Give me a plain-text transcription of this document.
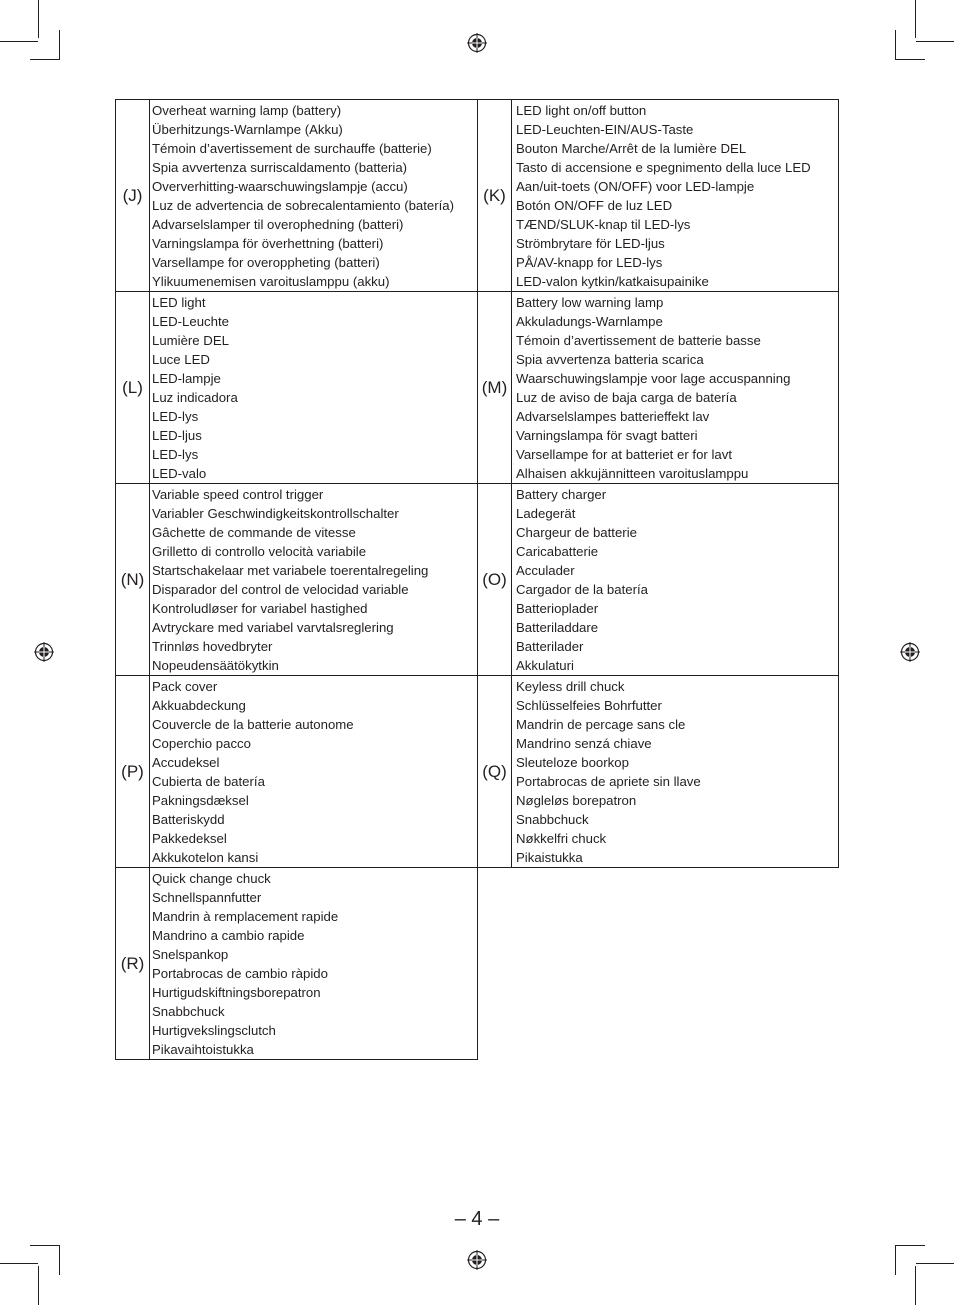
(J)
Overheat warning lamp (battery)
Überhitzungs-Warnlampe (Akku)
Témoin d’avertissement de surchauffe (batterie)
Spia avvertenza surriscaldamento (batteria)
Oververhitting-waarschuwingslampje (accu)
Luz de advertencia de sobrecalentamiento (batería)
Advarselslamper til overophedning (batteri)
Varningslampa för överhettning (batteri)
Varsellampe for overoppheting (batteri)
Ylikuumenemisen varoituslamppu (akku)
(K)
LED light on/off button
LED-Leuchten-EIN/AUS-Taste
Bouton Marche/Arrêt de la lumière DEL
Tasto di accensione e spegnimento della luce LED
Aan/uit-toets (ON/OFF) voor LED-lampje
Botón ON/OFF de luz LED
TÆND/SLUK-knap til LED-lys
Strömbrytare för LED-ljus
PÅ/AV-knapp for LED-lys
LED-valon kytkin/katkaisupainike
(L)
LED light
LED-Leuchte
Lumière DEL
Luce LED
LED-lampje
Luz indicadora
LED-lys
LED-ljus
LED-lys
LED-valo
(M)
Battery low warning lamp
Akkuladungs-Warnlampe
Témoin d’avertissement de batterie basse
Spia avvertenza batteria scarica
Waarschuwingslampje voor lage accuspanning
Luz de aviso de baja carga de batería
Advarselslampes batterieffekt lav
Varningslampa för svagt batteri
Varsellampe for at batteriet er for lavt
Alhaisen akkujännitteen varoituslamppu
(N)
Variable speed control trigger
Variabler Geschwindigkeitskontrollschalter
Gâchette de commande de vitesse
Grilletto di controllo velocità variabile
Startschakelaar met variabele toerentalregeling
Disparador del control de velocidad variable
Kontroludløser for variabel hastighed
Avtryckare med variabel varvtalsreglering
Trinnløs hovedbryter
Nopeudensäätökytkin
(O)
Battery charger
Ladegerät
Chargeur de batterie
Caricabatterie
Acculader
Cargador de la batería
Batterioplader
Batteriladdare
Batterilader
Akkulaturi
(P)
Pack cover
Akkuabdeckung
Couvercle de la batterie autonome
Coperchio pacco
Accudeksel
Cubierta de batería
Pakningsdæksel
Batteriskydd
Pakkedeksel
Akkukotelon kansi
(Q)
Keyless drill chuck
Schlüsselfeies Bohrfutter
Mandrin de percage sans cle
Mandrino senzá chiave
Sleuteloze boorkop
Portabrocas de apriete sin llave
Nøgleløs borepatron
Snabbchuck
Nøkkelfri chuck
Pikaistukka
(R)
Quick change chuck
Schnellspannfutter
Mandrin à remplacement rapide
Mandrino a cambio rapide
Snelspankop
Portabrocas de cambio ràpido
Hurtigudskiftningsborepatron
Snabbchuck
Hurtigvekslingsclutch
Pikavaihtoistukka
– 4 –
